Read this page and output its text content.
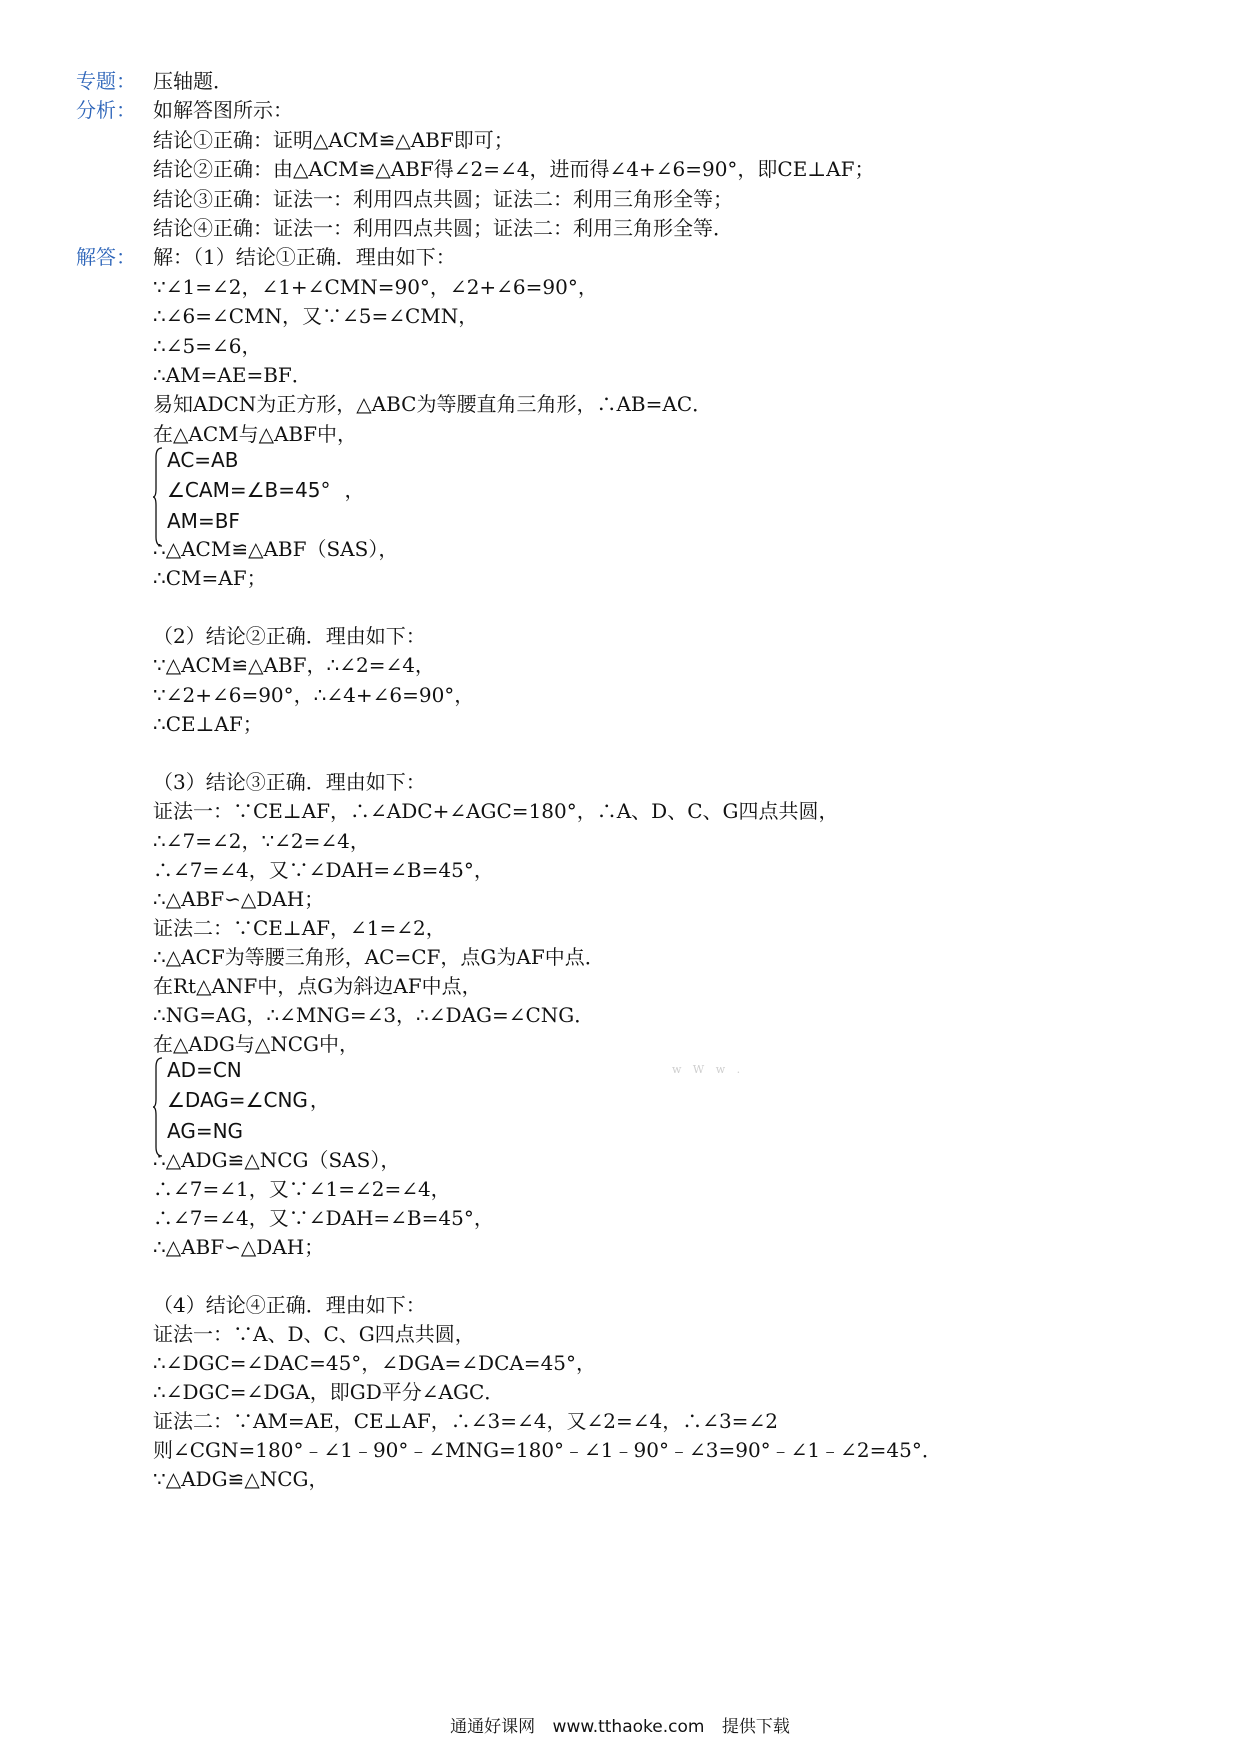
专题： 压轴题．
分析： 如解答图所示：
结论①正确：证明△ACM≌△ABF即可；
结论②正确：由△ACM≌△ABF得∠2=∠4，进而得∠4+∠6=90°，即CE⊥AF；
结论③正确：证法一：利用四点共圆；证法二：利用三角形全等；
结论④正确：证法一：利用四点共圆；证法二：利用三角形全等．
解答： 解：（1）结论①正确．理由如下：
∵∠1=∠2，∠1+∠CMN=90°，∠2+∠6=90°，
∴∠6=∠CMN，又∵∠5=∠CMN，
∴∠5=∠6，
∴AM=AE=BF．
易知ADCN为正方形，△ABC为等腰直角三角形，∴AB=AC．
在△ACM与△ABF中，
AC=AB
∠CAM=∠B=45° ，
AM=BF
∴△ACM≌△ABF（SAS），
∴CM=AF；
（2）结论②正确．理由如下：
∵△ACM≌△ABF，∴∠2=∠4，
∵∠2+∠6=90°，∴∠4+∠6=90°，
∴CE⊥AF；
（3）结论③正确．理由如下：
证法一：∵CE⊥AF，∴∠ADC+∠AGC=180°，∴A、D、C、G四点共圆，
∴∠7=∠2，∵∠2=∠4，
∴∠7=∠4，又∵∠DAH=∠B=45°，
∴△ABF∽△DAH；
证法二：∵CE⊥AF，∠1=∠2，
∴△ACF为等腰三角形，AC=CF，点G为AF中点．
w W w .
在Rt△ANF中，点G为斜边AF中点，
∴NG=AG，∴∠MNG=∠3，∴∠DAG=∠CNG．
在△ADG与△NCG中，
AD=CN
∠DAG=∠CNG ，
AG=NG
∴△ADG≌△NCG（SAS），
∴∠7=∠1，又∵∠1=∠2=∠4，
∴∠7=∠4，又∵∠DAH=∠B=45°，
∴△ABF∽△DAH；
（4）结论④正确．理由如下：
证法一：∵A、D、C、G四点共圆，
∴∠DGC=∠DAC=45°，∠DGA=∠DCA=45°，
∴∠DGC=∠DGA，即GD平分∠AGC．
证法二：∵AM=AE，CE⊥AF，∴∠3=∠4，又∠2=∠4，∴∠3=∠2
则∠CGN=180°﹣∠1﹣90°﹣∠MNG=180°﹣∠1﹣90°﹣∠3=90°﹣∠1﹣∠2=45°．
∵△ADG≌△NCG，
通通好课网 www.tthaoke.com 提供下载
